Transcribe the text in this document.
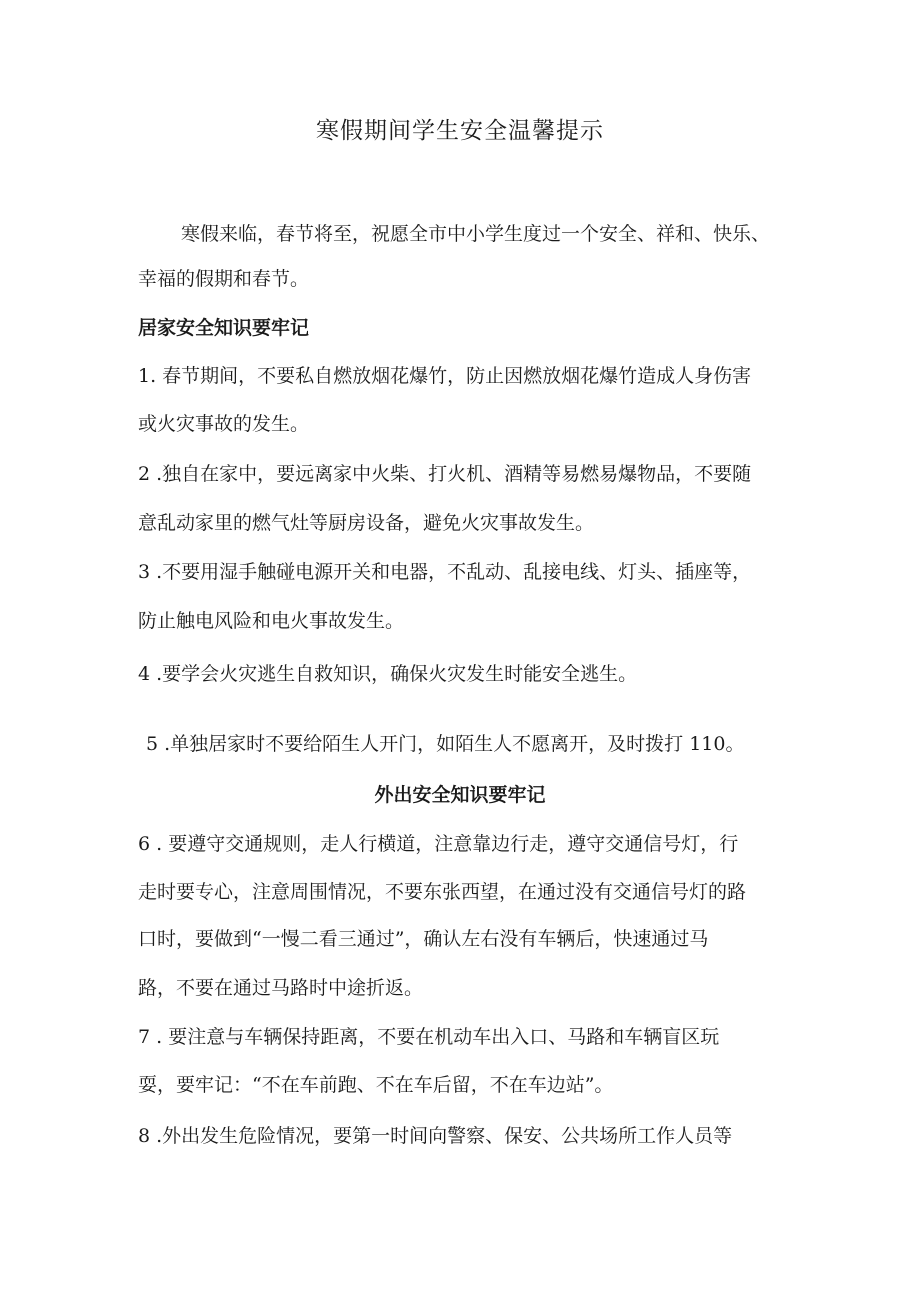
寒假期间学生安全温馨提示

寒假来临，春节将至，祝愿全市中小学生度过一个安全、祥和、快乐、

幸福的假期和春节。

居家安全知识要牢记

1. 春节期间，不要私自燃放烟花爆竹，防止因燃放烟花爆竹造成人身伤害

或火灾事故的发生。

2 .独自在家中，要远离家中火柴、打火机、酒精等易燃易爆物品，不要随

意乱动家里的燃气灶等厨房设备，避免火灾事故发生。

3 .不要用湿手触碰电源开关和电器，不乱动、乱接电线、灯头、插座等，

防止触电风险和电火事故发生。

4 .要学会火灾逃生自救知识，确保火灾发生时能安全逃生。

5 .单独居家时不要给陌生人开门，如陌生人不愿离开，及时拨打 110。

外出安全知识要牢记

6 . 要遵守交通规则，走人行横道，注意靠边行走，遵守交通信号灯，行

走时要专心，注意周围情况，不要东张西望，在通过没有交通信号灯的路

口时，要做到“一慢二看三通过”，确认左右没有车辆后，快速通过马

路，不要在通过马路时中途折返。

7 . 要注意与车辆保持距离，不要在机动车出入口、马路和车辆盲区玩

耍，要牢记：“不在车前跑、不在车后留，不在车边站”。

8 .外出发生危险情况，要第一时间向警察、保安、公共场所工作人员等
